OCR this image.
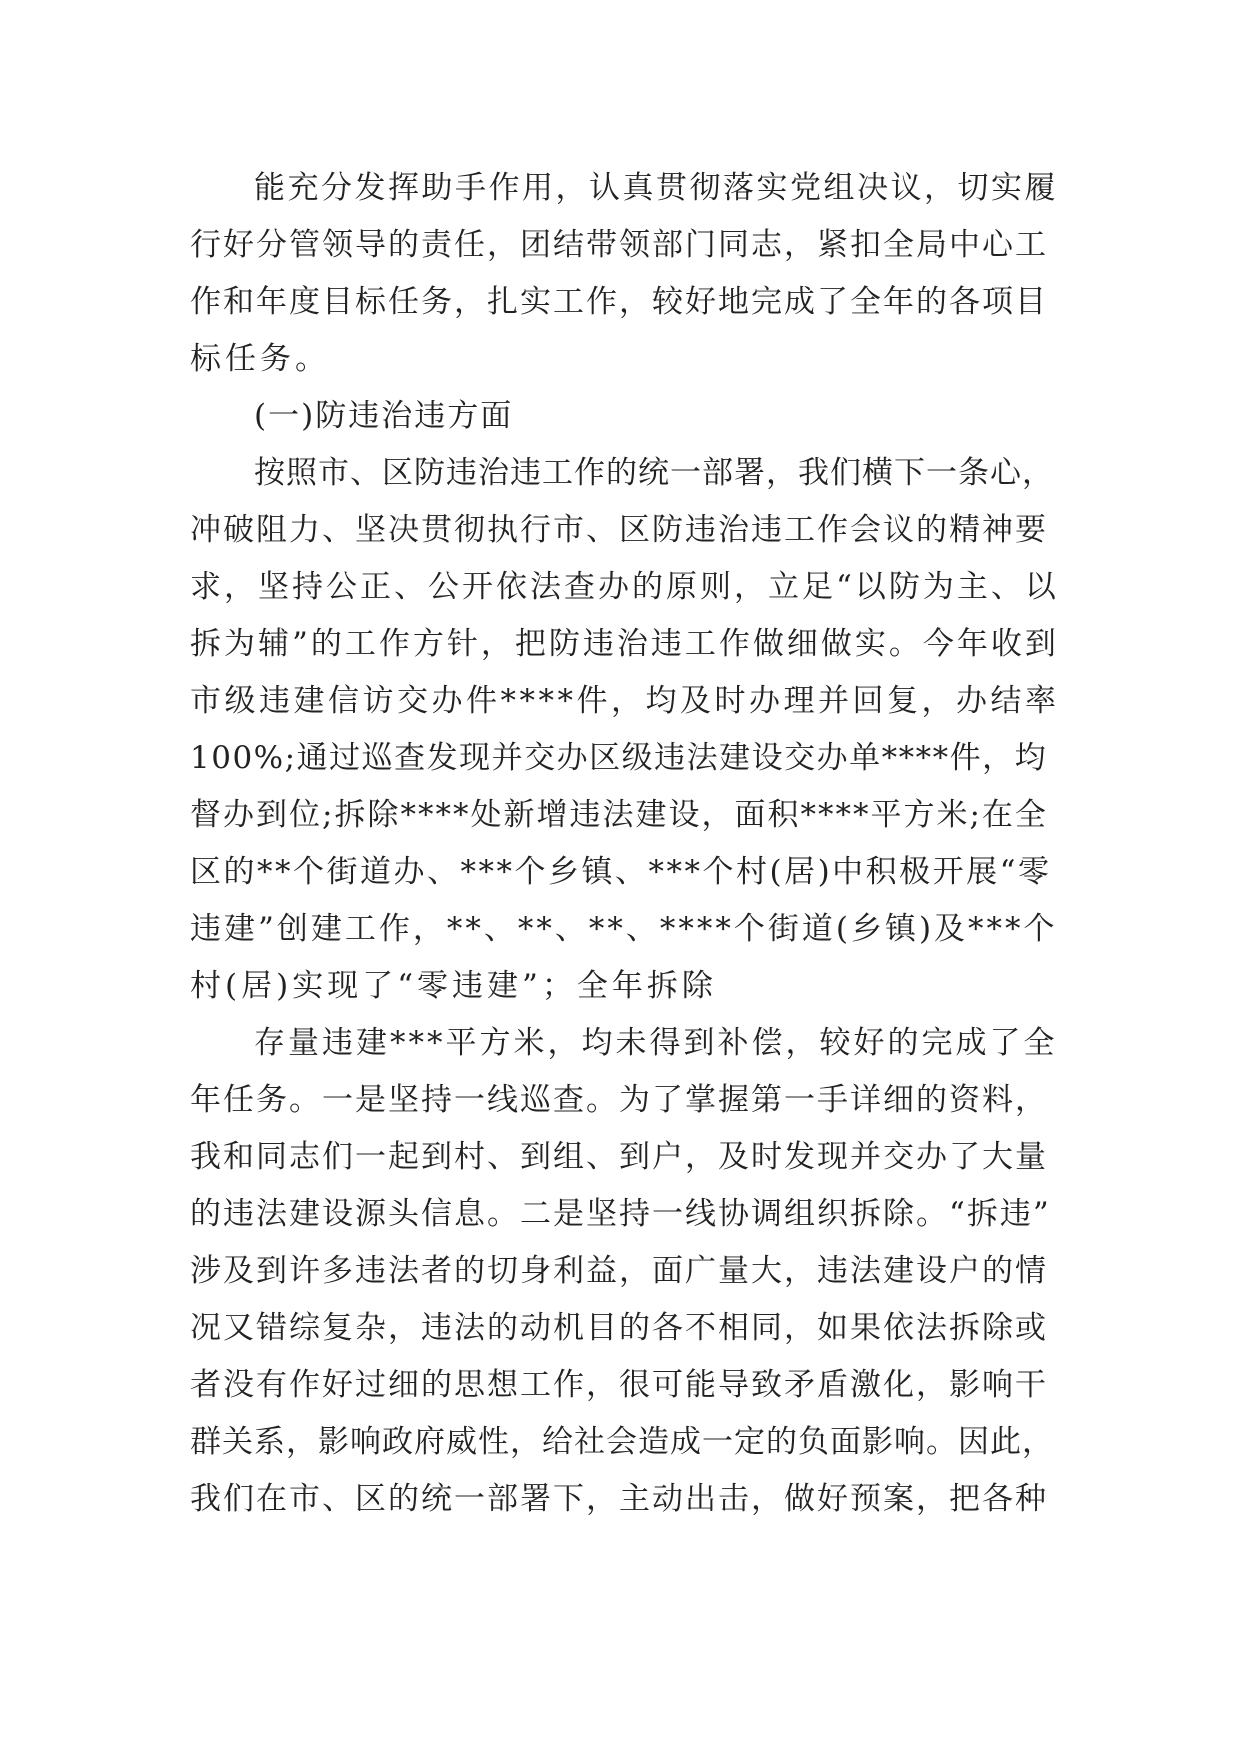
能充分发挥助手作用，认真贯彻落实党组决议，切实履
行好分管领导的责任，团结带领部门同志，紧扣全局中心工
作和年度目标任务，扎实工作，较好地完成了全年的各项目
标任务。
(一)防违治违方面
按照市、区防违治违工作的统一部署，我们横下一条心，
冲破阻力、坚决贯彻执行市、区防违治违工作会议的精神要
求，坚持公正、公开依法查办的原则，立足“以防为主、以
拆为辅”的工作方针，把防违治违工作做细做实。今年收到
市级违建信访交办件****件，均及时办理并回复，办结率
100%;通过巡查发现并交办区级违法建设交办单****件，均
督办到位;拆除****处新增违法建设，面积****平方米;在全
区的**个街道办、***个乡镇、***个村(居)中积极开展“零
违建”创建工作，**、**、**、****个街道(乡镇)及***个
村(居)实现了“零违建”；全年拆除
存量违建***平方米，均未得到补偿，较好的完成了全
年任务。一是坚持一线巡查。为了掌握第一手详细的资料，
我和同志们一起到村、到组、到户，及时发现并交办了大量
的违法建设源头信息。二是坚持一线协调组织拆除。“拆违”
涉及到许多违法者的切身利益，面广量大，违法建设户的情
况又错综复杂，违法的动机目的各不相同，如果依法拆除或
者没有作好过细的思想工作，很可能导致矛盾激化，影响干
群关系，影响政府威性，给社会造成一定的负面影响。因此，
我们在市、区的统一部署下，主动出击，做好预案，把各种
